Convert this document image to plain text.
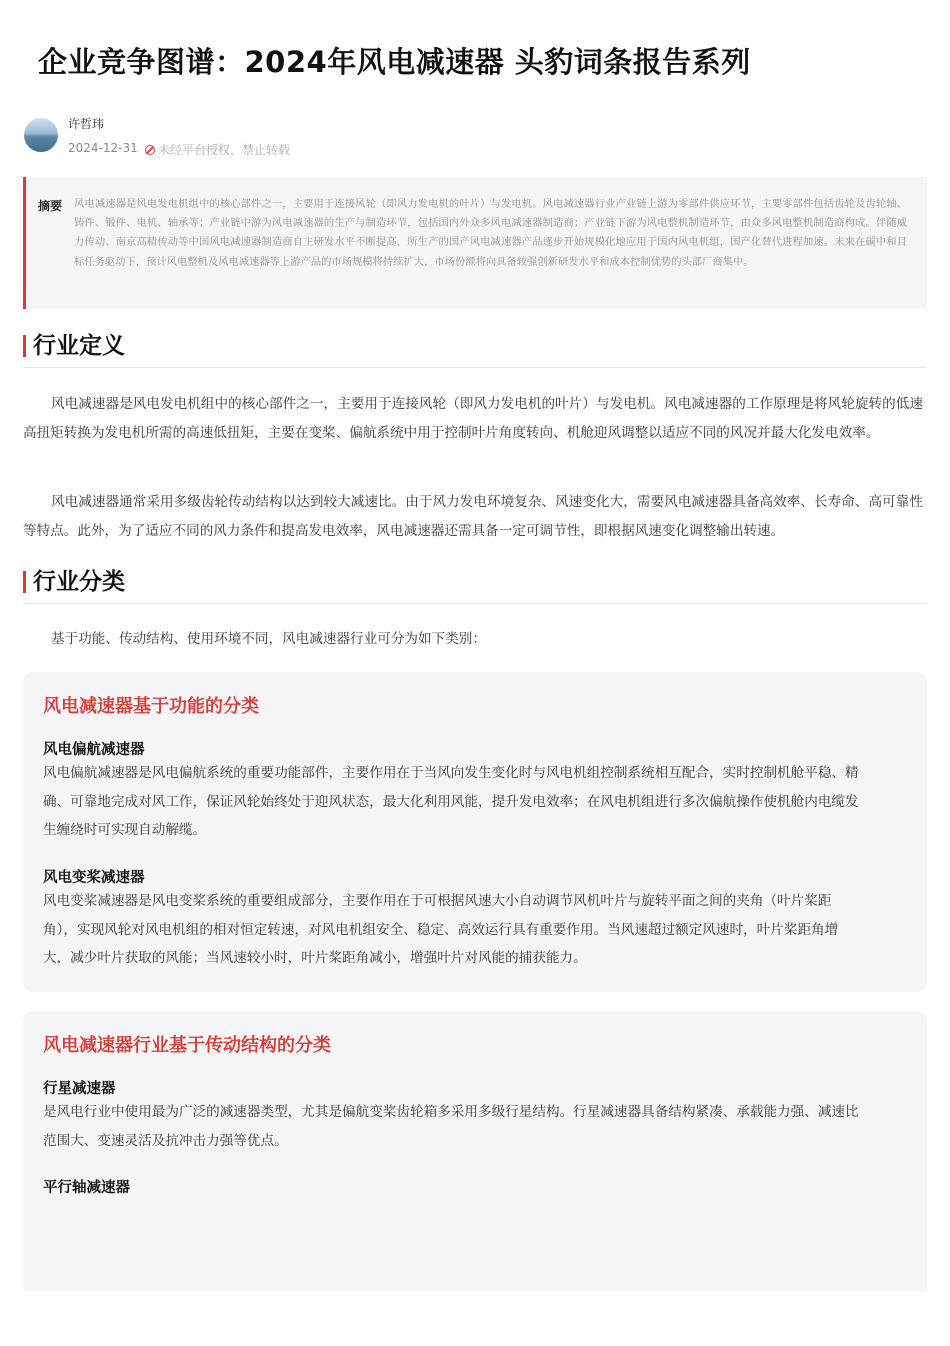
企业竞争图谱：2024年风电减速器 头豹词条报告系列
许哲玮
2024-12-31 未经平台授权，禁止转载
摘要	风电减速器是风电发电机组中的核心部件之一，主要用于连接风轮（即风力发电机的叶片）与发电机。风电减速器行业产业链上游为零部件供应环节，主要零部件包括齿轮及齿轮轴、铸件、锻件、电机、轴承等；产业链中游为风电减速器的生产与制造环节，包括国内外众多风电减速器制造商；产业链下游为风电整机制造环节，由众多风电整机制造商构成。伴随威力传动、南京高精传动等中国风电减速器制造商自主研发水平不断提高，所生产的国产风电减速器产品逐步开始规模化地应用于国内风电机组，国产化替代进程加速。未来在碳中和目标任务驱动下，预计风电整机及风电减速器等上游产品的市场规模将持续扩大，市场份额将向具备较强创新研发水平和成本控制优势的头部厂商集中。

行业定义

风电减速器是风电发电机组中的核心部件之一，主要用于连接风轮（即风力发电机的叶片）与发电机。风电减速器的工作原理是将风轮旋转的低速高扭矩转换为发电机所需的高速低扭矩，主要在变桨、偏航系统中用于控制叶片角度转向、机舱迎风调整以适应不同的风况并最大化发电效率。

风电减速器通常采用多级齿轮传动结构以达到较大减速比。由于风力发电环境复杂、风速变化大，需要风电减速器具备高效率、长寿命、高可靠性等特点。此外，为了适应不同的风力条件和提高发电效率，风电减速器还需具备一定可调节性，即根据风速变化调整输出转速。

行业分类

基于功能、传动结构、使用环境不同，风电减速器行业可分为如下类别：

风电减速器基于功能的分类
风电偏航减速器

风电偏航减速器是风电偏航系统的重要功能部件，主要作用在于当风向发生变化时与风电机组控制系统相互配合，实时控制机舱平稳、精

确、可靠地完成对风工作，保证风轮始终处于迎风状态，最大化利用风能，提升发电效率；在风电机组进行多次偏航操作使机舱内电缆发

生缠绕时可实现自动解缆。

风电变桨减速器

风电变桨减速器是风电变桨系统的重要组成部分，主要作用在于可根据风速大小自动调节风机叶片与旋转平面之间的夹角（叶片桨距

角），实现风轮对风电机组的相对恒定转速，对风电机组安全、稳定、高效运行具有重要作用。当风速超过额定风速时，叶片桨距角增

大，减少叶片获取的风能；当风速较小时，叶片桨距角减小，增强叶片对风能的捕获能力。

风电减速器行业基于传动结构的分类
行星减速器

是风电行业中使用最为广泛的减速器类型，尤其是偏航变桨齿轮箱多采用多级行星结构。行星减速器具备结构紧凑、承载能力强、减速比

范围大、变速灵活及抗冲击力强等优点。

平行轴减速器
